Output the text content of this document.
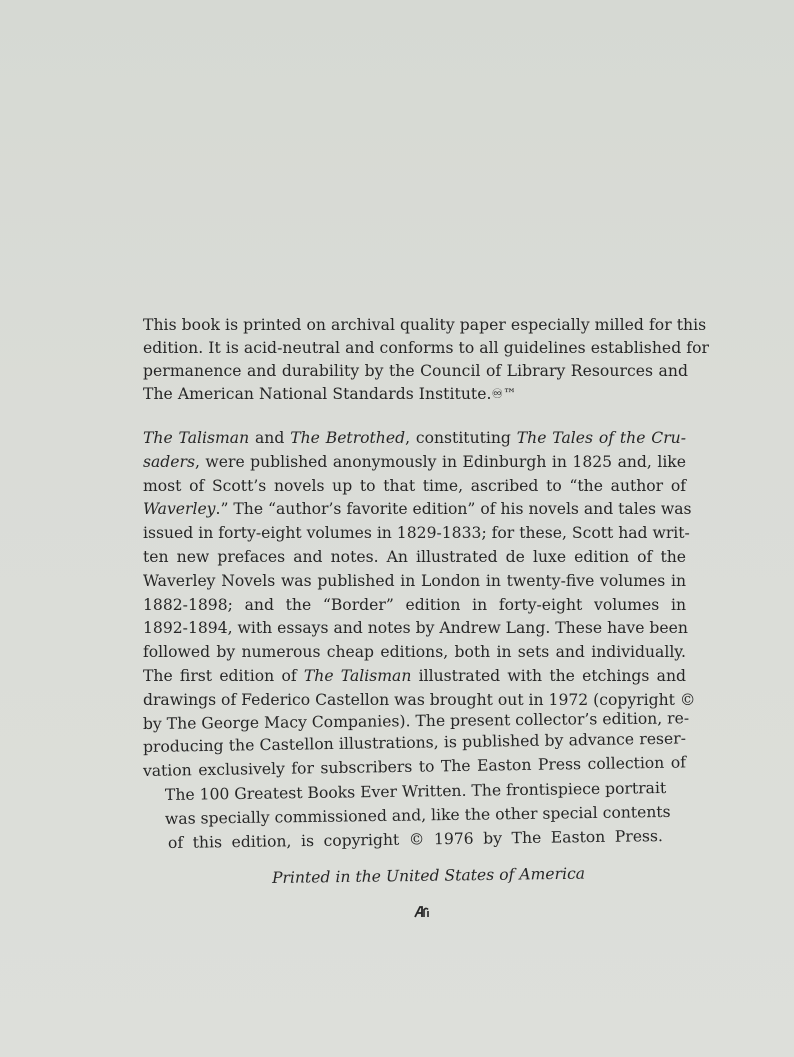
This book is printed on archival quality paper especially milled for this
edition. It is acid-neutral and conforms to all guidelines established for
permanence and durability by the Council of Library Resources and
The American National Standards Institute.♾™
The Talisman and The Betrothed, constituting The Tales of the Cru-
saders, were published anonymously in Edinburgh in 1825 and, like
most of Scott’s novels up to that time, ascribed to “the author of
Waverley.” The “author’s favorite edition” of his novels and tales was
issued in forty-eight volumes in 1829-1833; for these, Scott had writ-
ten new prefaces and notes. An illustrated de luxe edition of the
Waverley Novels was published in London in twenty-five volumes in
1882-1898; and the “Border” edition in forty-eight volumes in
1892-1894, with essays and notes by Andrew Lang. These have been
followed by numerous cheap editions, both in sets and individually.
The first edition of The Talisman illustrated with the etchings and
drawings of Federico Castellon was brought out in 1972 (copyright ©
by The George Macy Companies). The present collector’s edition, re-
producing the Castellon illustrations, is published by advance reser-
vation exclusively for subscribers to The Easton Press collection of
The 100 Greatest Books Ever Written. The frontispiece portrait
was specially commissioned and, like the other special contents
of this edition, is copyright © 1976 by The Easton Press.
Printed in the United States of America
